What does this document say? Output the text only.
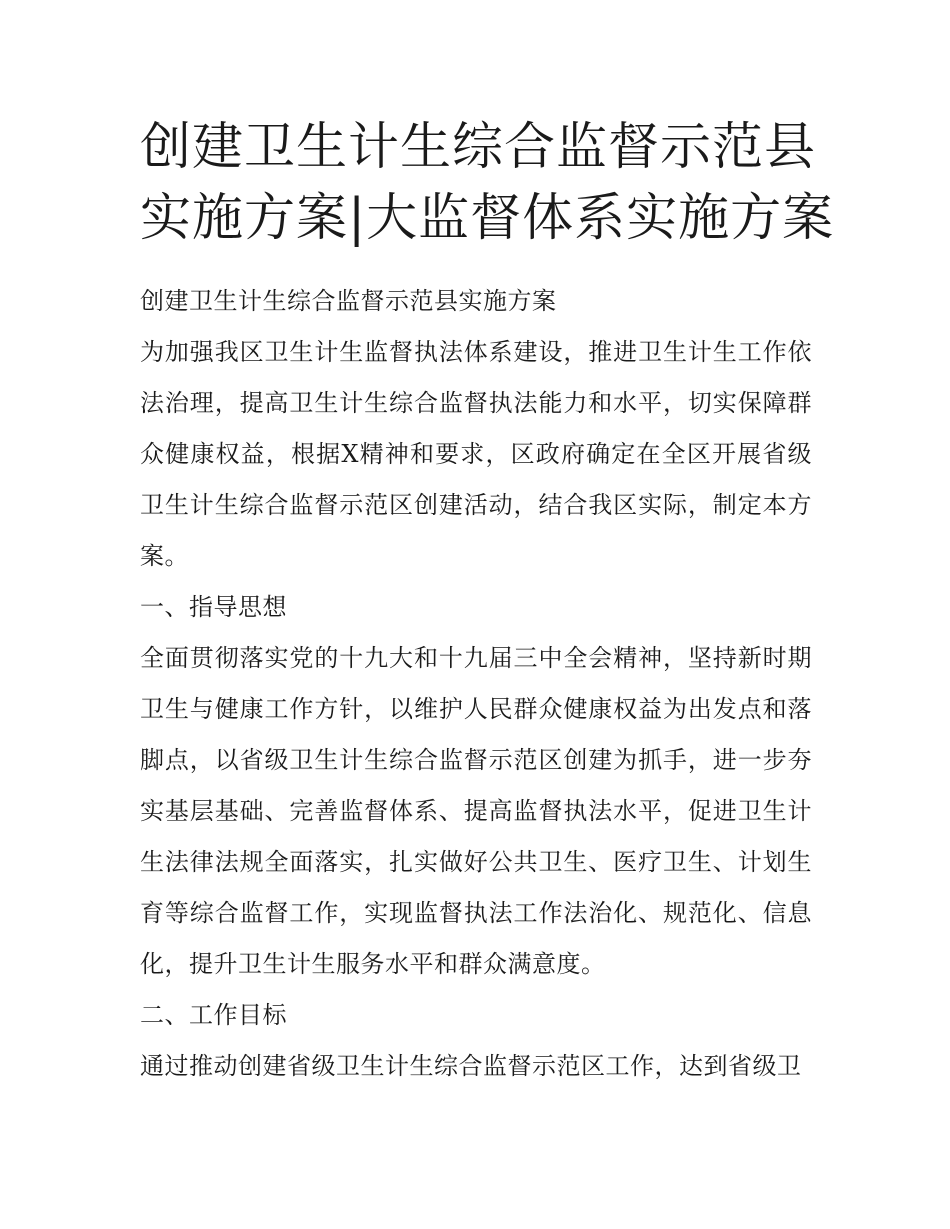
创建卫生计生综合监督示范县
实施方案|大监督体系实施方案

创建卫生计生综合监督示范县实施方案

为加强我区卫生计生监督执法体系建设，推进卫生计生工作依法治理，提高卫生计生综合监督执法能力和水平，切实保障群众健康权益，根据X精神和要求，区政府确定在全区开展省级卫生计生综合监督示范区创建活动，结合我区实际，制定本方案。

一、指导思想

全面贯彻落实党的十九大和十九届三中全会精神，坚持新时期卫生与健康工作方针，以维护人民群众健康权益为出发点和落脚点，以省级卫生计生综合监督示范区创建为抓手，进一步夯实基层基础、完善监督体系、提高监督执法水平，促进卫生计生法律法规全面落实，扎实做好公共卫生、医疗卫生、计划生育等综合监督工作，实现监督执法工作法治化、规范化、信息化，提升卫生计生服务水平和群众满意度。

二、工作目标

通过推动创建省级卫生计生综合监督示范区工作，达到省级卫
